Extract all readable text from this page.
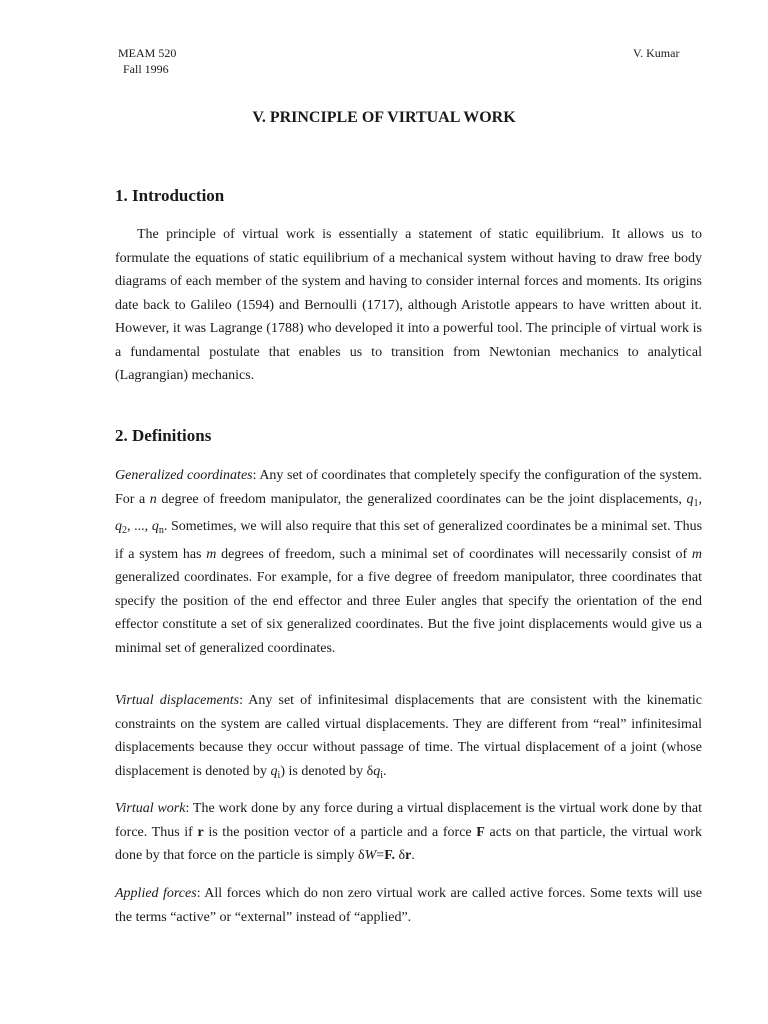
MEAM 520
Fall 1996
V. Kumar
V. PRINCIPLE OF VIRTUAL WORK
1. Introduction
The principle of virtual work is essentially a statement of static equilibrium. It allows us to formulate the equations of static equilibrium of a mechanical system without having to draw free body diagrams of each member of the system and having to consider internal forces and moments. Its origins date back to Galileo (1594) and Bernoulli (1717), although Aristotle appears to have written about it. However, it was Lagrange (1788) who developed it into a powerful tool. The principle of virtual work is a fundamental postulate that enables us to transition from Newtonian mechanics to analytical (Lagrangian) mechanics.
2. Definitions
Generalized coordinates: Any set of coordinates that completely specify the configuration of the system. For a n degree of freedom manipulator, the generalized coordinates can be the joint displacements, $q_1$, $q_2$, ..., $q_n$. Sometimes, we will also require that this set of generalized coordinates be a minimal set. Thus if a system has m degrees of freedom, such a minimal set of coordinates will necessarily consist of m generalized coordinates. For example, for a five degree of freedom manipulator, three coordinates that specify the position of the end effector and three Euler angles that specify the orientation of the end effector constitute a set of six generalized coordinates. But the five joint displacements would give us a minimal set of generalized coordinates.
Virtual displacements: Any set of infinitesimal displacements that are consistent with the kinematic constraints on the system are called virtual displacements. They are different from “real” infinitesimal displacements because they occur without passage of time. The virtual displacement of a joint (whose displacement is denoted by $q_i$) is denoted by $\delta q_i$.
Virtual work: The work done by any force during a virtual displacement is the virtual work done by that force. Thus if r is the position vector of a particle and a force F acts on that particle, the virtual work done by that force on the particle is simply δW=F. δr.
Applied forces: All forces which do non zero virtual work are called active forces. Some texts will use the terms “active” or “external” instead of “applied”.
